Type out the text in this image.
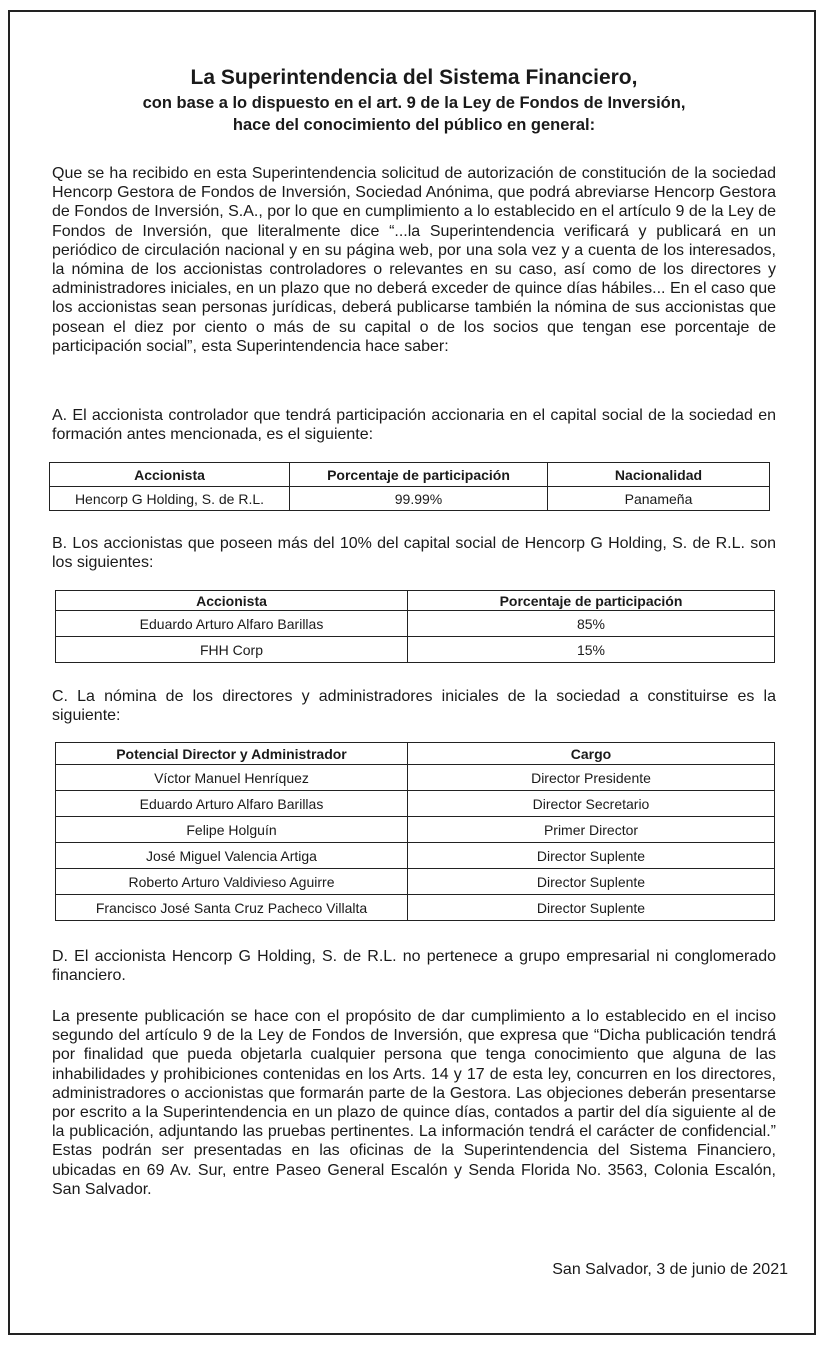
La Superintendencia del Sistema Financiero,
con base a lo dispuesto en el art. 9 de la Ley de Fondos de Inversión,
hace del conocimiento del público en general:
Que se ha recibido en esta Superintendencia solicitud de autorización de constitución de la sociedad Hencorp Gestora de Fondos de Inversión, Sociedad Anónima, que podrá abreviarse Hencorp Gestora de Fondos de Inversión, S.A., por lo que en cumplimiento a lo establecido en el artículo 9 de la Ley de Fondos de Inversión, que literalmente dice “...la Superintendencia verificará y publicará en un periódico de circulación nacional y en su página web, por una sola vez y a cuenta de los interesados, la nómina de los accionistas controladores o relevantes en su caso, así como de los directores y administradores iniciales, en un plazo que no deberá exceder de quince días hábiles... En el caso que los accionistas sean personas jurídicas, deberá publicarse también la nómina de sus accionistas que posean el diez por ciento o más de su capital o de los socios que tengan ese porcentaje de participación social”, esta Superintendencia hace saber:
A. El accionista controlador que tendrá participación accionaria en el capital social de la sociedad en formación antes mencionada, es el siguiente:
Accionista	Porcentaje de participación	Nacionalidad
Hencorp G Holding, S. de R.L.	99.99%	Panameña
B. Los accionistas que poseen más del 10% del capital social de Hencorp G Holding, S. de R.L. son los siguientes:
Accionista	Porcentaje de participación
Eduardo Arturo Alfaro Barillas	85%
FHH Corp	15%
C. La nómina de los directores y administradores iniciales de la sociedad a constituirse es la siguiente:
Potencial Director y Administrador	Cargo
Víctor Manuel Henríquez	Director Presidente
Eduardo Arturo Alfaro Barillas	Director Secretario
Felipe Holguín	Primer Director
José Miguel Valencia Artiga	Director Suplente
Roberto Arturo Valdivieso Aguirre	Director Suplente
Francisco José Santa Cruz Pacheco Villalta	Director Suplente
D. El accionista Hencorp G Holding, S. de R.L. no pertenece a grupo empresarial ni conglomerado financiero.
La presente publicación se hace con el propósito de dar cumplimiento a lo establecido en el inciso segundo del artículo 9 de la Ley de Fondos de Inversión, que expresa que “Dicha publicación tendrá por finalidad que pueda objetarla cualquier persona que tenga conocimiento que alguna de las inhabilidades y prohibiciones contenidas en los Arts. 14 y 17 de esta ley, concurren en los directores, administradores o accionistas que formarán parte de la Gestora. Las objeciones deberán presentarse por escrito a la Superintendencia en un plazo de quince días, contados a partir del día siguiente al de la publicación, adjuntando las pruebas pertinentes. La información tendrá el carácter de confidencial.” Estas podrán ser presentadas en las oficinas de la Superintendencia del Sistema Financiero, ubicadas en 69 Av. Sur, entre Paseo General Escalón y Senda Florida No. 3563, Colonia Escalón, San Salvador.
San Salvador, 3 de junio de 2021
